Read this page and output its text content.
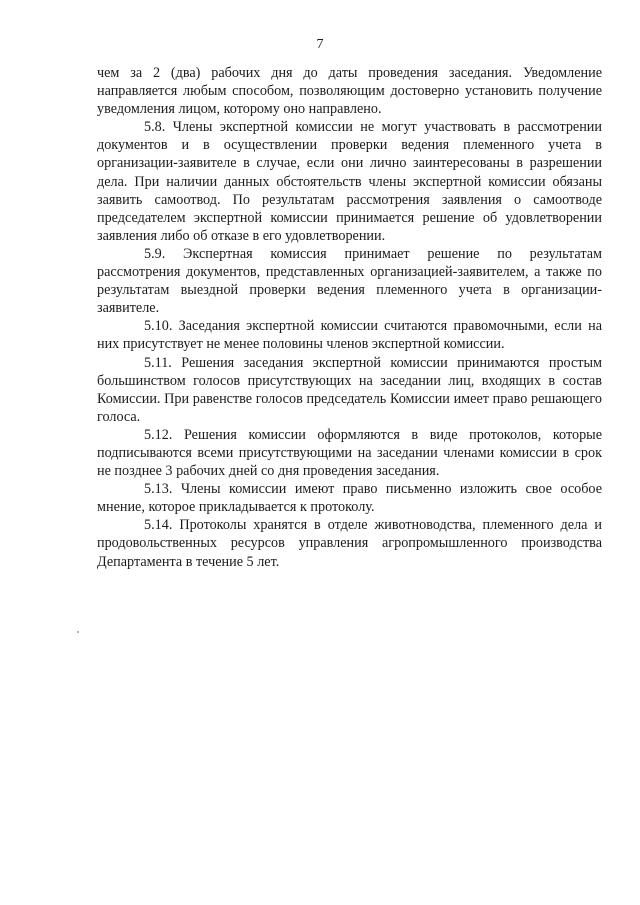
7

чем за 2 (два) рабочих дня до даты проведения заседания. Уведомление направляется любым способом, позволяющим достоверно установить получение уведомления лицом, которому оно направлено.

5.8. Члены экспертной комиссии не могут участвовать в рассмотрении документов и в осуществлении проверки ведения племенного учета в организации-заявителе в случае, если они лично заинтересованы в разрешении дела. При наличии данных обстоятельств члены экспертной комиссии обязаны заявить самоотвод. По результатам рассмотрения заявления о самоотводе председателем экспертной комиссии принимается решение об удовлетворении заявления либо об отказе в его удовлетворении.

5.9. Экспертная комиссия принимает решение по результатам рассмотрения документов, представленных организацией-заявителем, а также по результатам выездной проверки ведения племенного учета в организации-заявителе.

5.10. Заседания экспертной комиссии считаются правомочными, если на них присутствует не менее половины членов экспертной комиссии.

5.11. Решения заседания экспертной комиссии принимаются простым большинством голосов присутствующих на заседании лиц, входящих в состав Комиссии. При равенстве голосов председатель Комиссии имеет право решающего голоса.

5.12. Решения комиссии оформляются в виде протоколов, которые подписываются всеми присутствующими на заседании членами комиссии в срок не позднее 3 рабочих дней со дня проведения заседания.

5.13. Члены комиссии имеют право письменно изложить свое особое мнение, которое прикладывается к протоколу.

5.14. Протоколы хранятся в отделе животноводства, племенного дела и продовольственных ресурсов управления агропромышленного производства Департамента в течение 5 лет.
